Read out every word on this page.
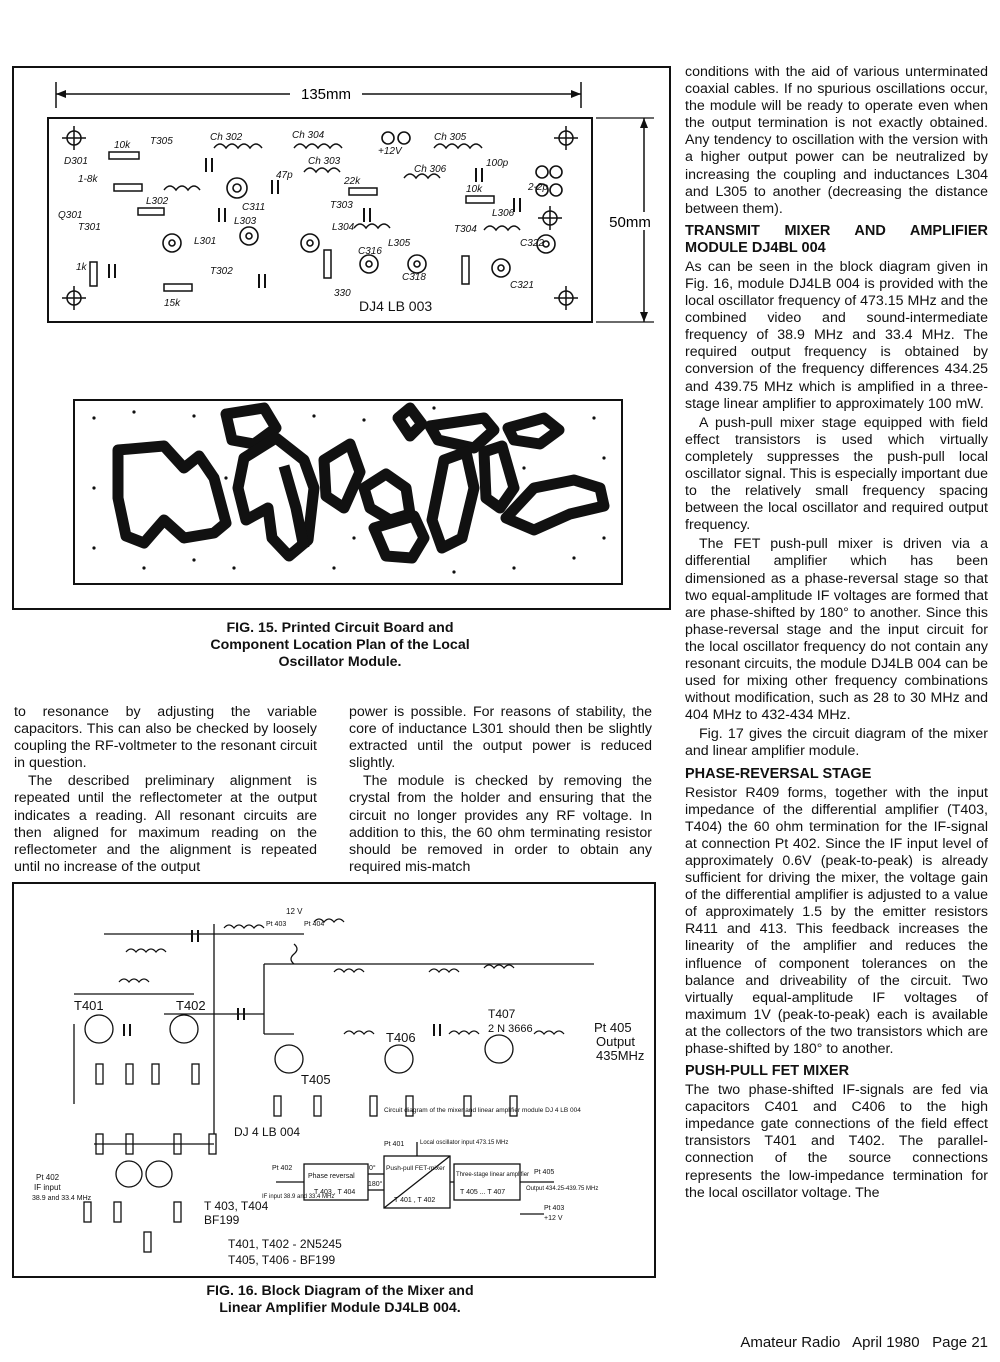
135mm
50mm
Ch 302	Ch 304	Ch 305
Ch 303
Ch 306
T305
D301
10k
1-8k
C311
C322
L303
L304
L305
L306
22k
47p
100p
2-2p
10k
15k
1k
330
C316
C318
C321
T302
T303
T304
Q301
T301
L301
L302
+12V
DJ4 LB 003
FIG. 15. Printed Circuit Board and
Component Location Plan of the Local
Oscillator Module.

to resonance by adjusting the variable capacitors. This can also be checked by loosely coupling the RF-voltmeter to the resonant circuit in question.

The described preliminary alignment is repeated until the reflectometer at the output indicates a reading. All resonant circuits are then aligned for maximum reading on the reflectometer and the alignment is repeated until no increase of the output

power is possible. For reasons of stability, the core of inductance L301 should then be slightly extracted until the output power is reduced slightly.

The module is checked by removing the crystal from the holder and ensuring that the circuit no longer provides any RF voltage. In addition to this, the 60 ohm terminating resistor should be removed in order to obtain any required mis-match

T401	T402
T405
T406
T407
2 N 3666	Pt 405
Output
435MHz
Pt 402
IF input
38.9 and 33.4 MHz
T 403, T404
BF199
12 V
Pt 403	Pt 404
Circuit diagram of the mixer and linear amplifier module DJ 4 LB 004
DJ 4 LB 004
Phase reversal
T 403 , T 404
Push-pull FET-mixer
T 401 , T 402
Three-stage linear amplifier
T 405 ... T 407
Pt 401	Local oscillator input 473.15 MHz
Pt 402
IF input 38.9 and 33.4 MHz
Pt 405
Output 434.25-439.75 MHz
Pt 403
+12 V
0°
180°
T401, T402 - 2N5245
T405, T406 - BF199
FIG. 16. Block Diagram of the Mixer and
Linear Amplifier Module DJ4LB 004.

conditions with the aid of various unterminated coaxial cables. If no spurious oscillations occur, the module will be ready to operate even when the output termination is not exactly obtained. Any tendency to oscillation with the version with a higher output power can be neutralized by increasing the coupling and inductances L304 and L305 to another (decreasing the distance between them).

TRANSMIT MIXER AND AMPLIFIER MODULE DJ4BL 004

As can be seen in the block diagram given in Fig. 16, module DJ4LB 004 is provided with the local oscillator frequency of 473.15 MHz and the combined video and sound-intermediate frequency of 38.9 MHz and 33.4 MHz. The required output frequency is obtained by conversion of the frequency differences 434.25 and 439.75 MHz which is amplified in a three-stage linear amplifier to approximately 100 mW.

A push-pull mixer stage equipped with field effect transistors is used which virtually completely suppresses the push-pull local oscillator signal. This is especially important due to the relatively small frequency spacing between the local oscillator and required output frequency.

The FET push-pull mixer is driven via a differential amplifier which has been dimensioned as a phase-reversal stage so that two equal-amplitude IF voltages are formed that are phase-shifted by 180° to another. Since this phase-reversal stage and the input circuit for the local oscillator frequency do not contain any resonant circuits, the module DJ4LB 004 can be used for mixing other frequency combinations without modification, such as 28 to 30 MHz and 404 MHz to 432-434 MHz.

Fig. 17 gives the circuit diagram of the mixer and linear amplifier module.

PHASE-REVERSAL STAGE

Resistor R409 forms, together with the input impedance of the differential amplifier (T403, T404) the 60 ohm termination for the IF-signal at connection Pt 402. Since the IF input level of approximately 0.6V (peak-to-peak) is already sufficient for driving the mixer, the voltage gain of the differential amplifier is adjusted to a value of approximately 1.5 by the emitter resistors R411 and 413. This feedback increases the linearity of the amplifier and reduces the influence of component tolerances on the balance and driveability of the circuit. Two virtually equal-amplitude IF voltages of maximum 1V (peak-to-peak) each is available at the collectors of the two transistors which are phase-shifted by 180° to another.

PUSH-PULL FET MIXER

The two phase-shifted IF-signals are fed via capacitors C401 and C406 to the high impedance gate connections of the field effect transistors T401 and T402. The parallel-connection of the source connections represents the low-impedance termination for the local oscillator voltage. The

Amateur Radio   April 1980   Page 21
